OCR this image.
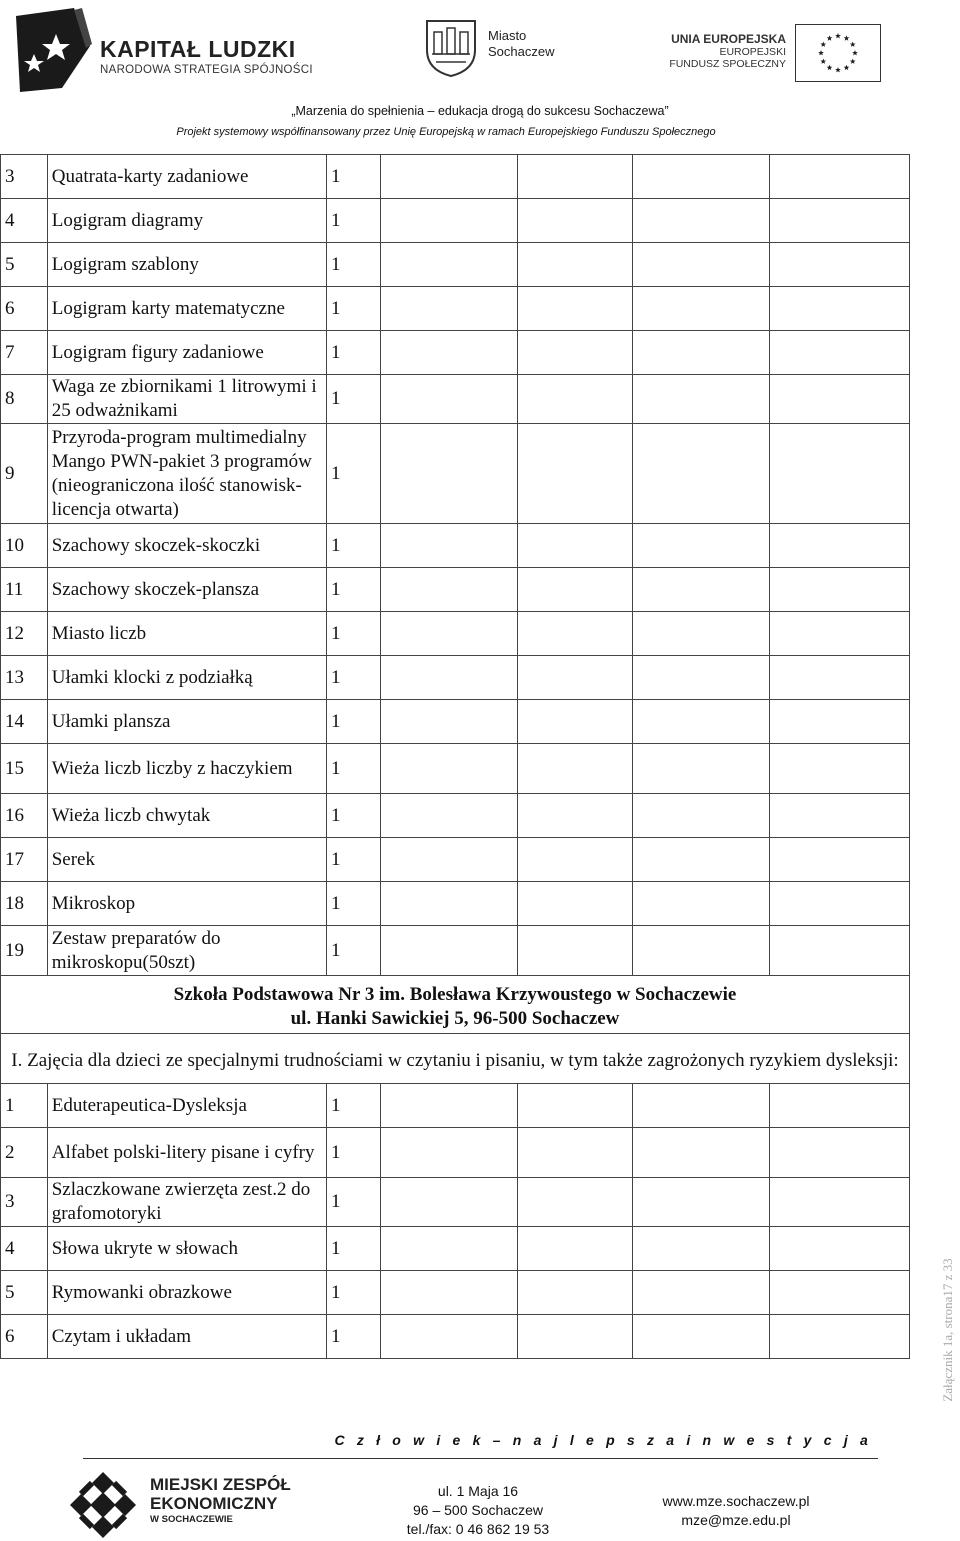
KAPITAŁ LUDZKI
NARODOWA STRATEGIA SPÓJNOŚCI
Miasto
Sochaczew
UNIA EUROPEJSKA
EUROPEJSKI
FUNDUSZ SPOŁECZNY
„Marzenia do spełnienia – edukacja drogą do sukcesu Sochaczewa”
Projekt systemowy współfinansowany przez Unię Europejską w ramach Europejskiego Funduszu Społecznego
3	Quatrata-karty zadaniowe	1				
4	Logigram diagramy	1				
5	Logigram szablony	1				
6	Logigram karty matematyczne	1				
7	Logigram figury zadaniowe	1				
8	Waga ze zbiornikami 1 litrowymi i 25 odważnikami	1				
9	Przyroda-program multimedialny Mango PWN-pakiet 3 programów (nieograniczona ilość stanowisk-licencja otwarta)	1				
10	Szachowy skoczek-skoczki	1				
11	Szachowy skoczek-plansza	1				
12	Miasto liczb	1				
13	Ułamki klocki z podziałką	1				
14	Ułamki plansza	1				
15	Wieża liczb liczby z haczykiem	1				
16	Wieża liczb chwytak	1				
17	Serek	1				
18	Mikroskop	1				
19	Zestaw preparatów do mikroskopu(50szt)	1				

Szkoła Podstawowa Nr 3 im. Bolesława Krzywoustego w Sochaczewie
ul. Hanki Sawickiej 5, 96-500 Sochaczew						

I. Zajęcia dla dzieci ze specjalnymi trudnościami w czytaniu i pisaniu, w tym także zagrożonych ryzykiem dysleksji:						

1	Eduterapeutica-Dysleksja	1				
2	Alfabet polski-litery pisane i cyfry	1				
3	Szlaczkowane zwierzęta zest.2 do grafomotoryki	1				
4	Słowa ukryte w słowach	1				
5	Rymowanki obrazkowe	1				
6	Czytam i układam	1				
C z ł o w i e k – n a j l e p s z a i n w e s t y c j a
MIEJSKI ZESPÓŁ
EKONOMICZNY
W SOCHACZEWIE
ul. 1 Maja 16
96 – 500 Sochaczew
tel./fax: 0 46 862 19 53
www.mze.sochaczew.pl
mze@mze.edu.pl
Załącznik 1a, strona17 z 33
